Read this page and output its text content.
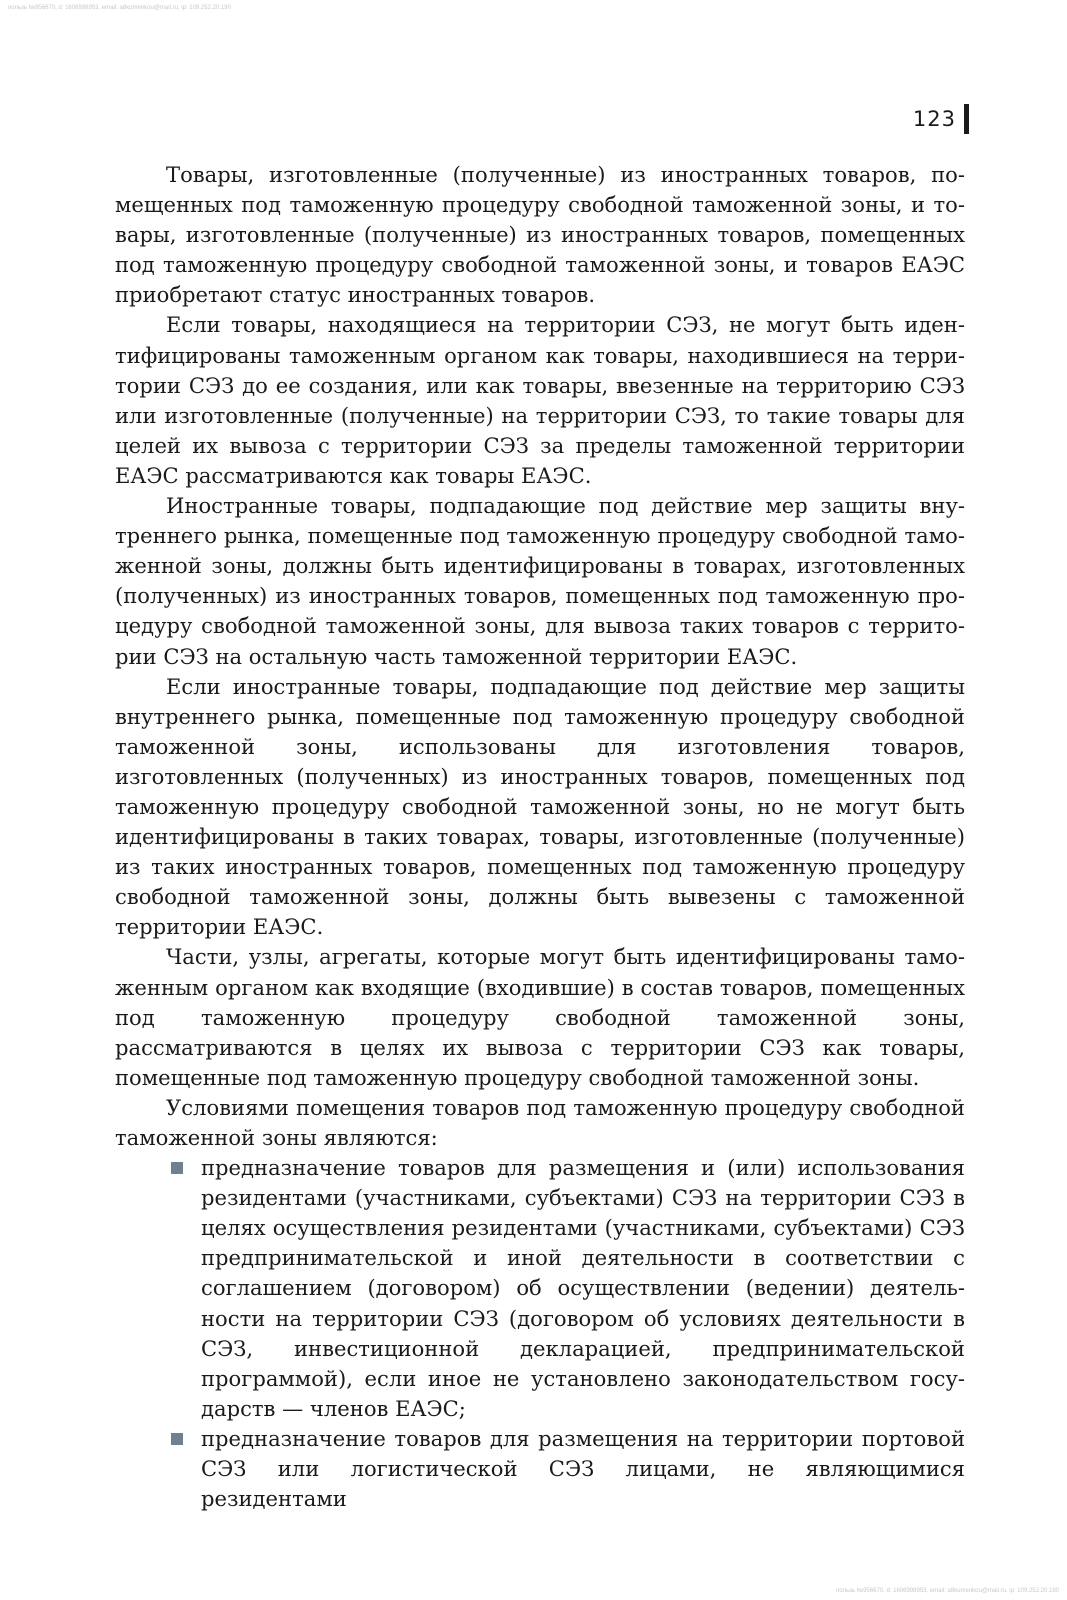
пользь №956670, d: 1606998953, email: a8kumenkou@mail.ru, ip: 109.252.20.190
123

Товары, изготовленные (полученные) из иностранных товаров, помещенных под таможенную процедуру свободной таможенной зоны, и товары, изготовленные (полученные) из иностранных товаров, помещенных под таможенную процедуру свободной таможенной зоны, и товаров ЕАЭС приобретают статус иностранных товаров.

Если товары, находящиеся на территории СЭЗ, не могут быть идентифицированы таможенным органом как товары, находившиеся на территории СЭЗ до ее создания, или как товары, ввезенные на территорию СЭЗ или изготовленные (полученные) на территории СЭЗ, то такие товары для целей их вывоза с территории СЭЗ за пределы таможенной территории ЕАЭС рассматриваются как товары ЕАЭС.

Иностранные товары, подпадающие под действие мер защиты внутреннего рынка, помещенные под таможенную процедуру свободной таможенной зоны, должны быть идентифицированы в товарах, изготовленных (полученных) из иностранных товаров, помещенных под таможенную процедуру свободной таможенной зоны, для вывоза таких товаров с территории СЭЗ на остальную часть таможенной территории ЕАЭС.

Если иностранные товары, подпадающие под действие мер защиты внутреннего рынка, помещенные под таможенную процедуру свободной таможенной зоны, использованы для изготовления товаров, изготовленных (полученных) из иностранных товаров, помещенных под таможенную процедуру свободной таможенной зоны, но не могут быть идентифицированы в таких товарах, товары, изготовленные (полученные) из таких иностранных товаров, помещенных под таможенную процедуру свободной таможенной зоны, должны быть вывезены с таможенной территории ЕАЭС.

Части, узлы, агрегаты, которые могут быть идентифицированы таможенным органом как входящие (входившие) в состав товаров, помещенных под таможенную процедуру свободной таможенной зоны, рассматриваются в целях их вывоза с территории СЭЗ как товары, помещенные под таможенную процедуру свободной таможенной зоны.

Условиями помещения товаров под таможенную процедуру свободной таможенной зоны являются:

предназначение товаров для размещения и (или) использования резидентами (участниками, субъектами) СЭЗ на территории СЭЗ в целях осуществления резидентами (участниками, субъектами) СЭЗ предпринимательской и иной деятельности в соответствии с соглашением (договором) об осуществлении (ведении) деятельности на территории СЭЗ (договором об условиях деятельности в СЭЗ, инвестиционной декларацией, предпринимательской программой), если иное не установлено законодательством государств — членов ЕАЭС;
предназначение товаров для размещения на территории портовой СЭЗ или логистической СЭЗ лицами, не являющимися резидентами
пользь №956670, d: 1606998953, email: a8kumenkou@mail.ru, ip: 109.252.20.190
